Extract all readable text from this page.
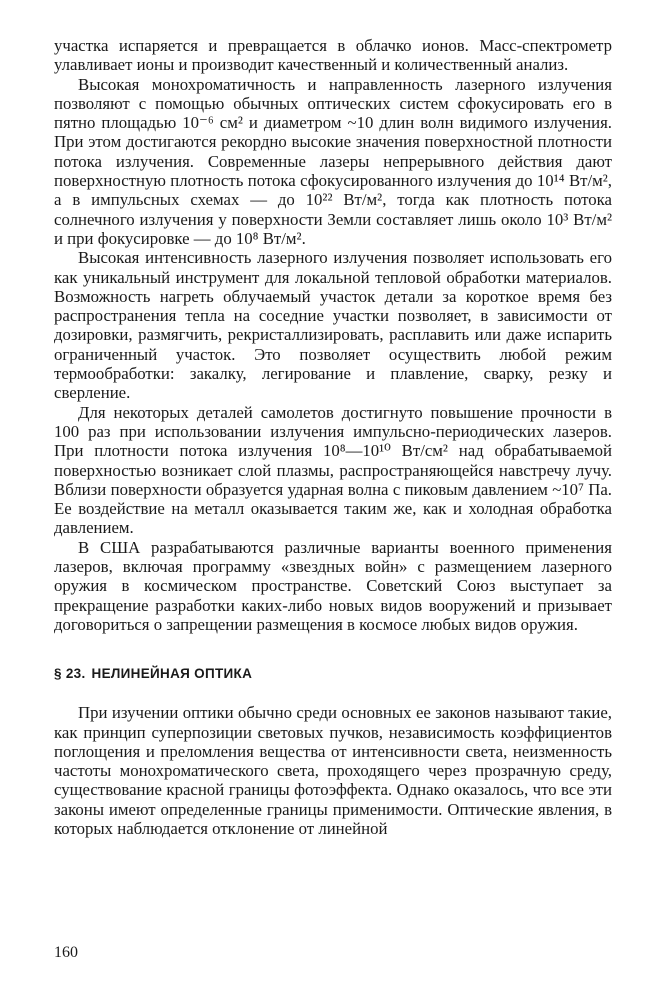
участка испаряется и превращается в облачко ионов. Масс-спектрометр улавливает ионы и производит качественный и количественный анализ.

Высокая монохроматичность и направленность лазерного излучения позволяют с помощью обычных оптических систем сфокусировать его в пятно площадью 10⁻⁶ см² и диаметром ~10 длин волн видимого излучения. При этом достигаются рекордно высокие значения поверхностной плотности потока излучения. Современные лазеры непрерывного действия дают поверхностную плотность потока сфокусированного излучения до 10¹⁴ Вт/м², а в импульсных схемах — до 10²² Вт/м², тогда как плотность потока солнечного излучения у поверхности Земли составляет лишь около 10³ Вт/м² и при фокусировке — до 10⁸ Вт/м².

Высокая интенсивность лазерного излучения позволяет использовать его как уникальный инструмент для локальной тепловой обработки материалов. Возможность нагреть облучаемый участок детали за короткое время без распространения тепла на соседние участки позволяет, в зависимости от дозировки, размягчить, рекристаллизировать, расплавить или даже испарить ограниченный участок. Это позволяет осуществить любой режим термообработки: закалку, легирование и плавление, сварку, резку и сверление.

Для некоторых деталей самолетов достигнуто повышение прочности в 100 раз при использовании излучения импульсно-периодических лазеров. При плотности потока излучения 10⁸—10¹⁰ Вт/см² над обрабатываемой поверхностью возникает слой плазмы, распространяющейся навстречу лучу. Вблизи поверхности образуется ударная волна с пиковым давлением ~10⁷ Па. Ее воздействие на металл оказывается таким же, как и холодная обработка давлением.

В США разрабатываются различные варианты военного применения лазеров, включая программу «звездных войн» с размещением лазерного оружия в космическом пространстве. Советский Союз выступает за прекращение разработки каких-либо новых видов вооружений и призывает договориться о запрещении размещения в космосе любых видов оружия.

§ 23. НЕЛИНЕЙНАЯ ОПТИКА

При изучении оптики обычно среди основных ее законов называют такие, как принцип суперпозиции световых пучков, независимость коэффициентов поглощения и преломления вещества от интенсивности света, неизменность частоты монохроматического света, проходящего через прозрачную среду, существование красной границы фотоэффекта. Однако оказалось, что все эти законы имеют определенные границы применимости. Оптические явления, в которых наблюдается отклонение от линейной

160
